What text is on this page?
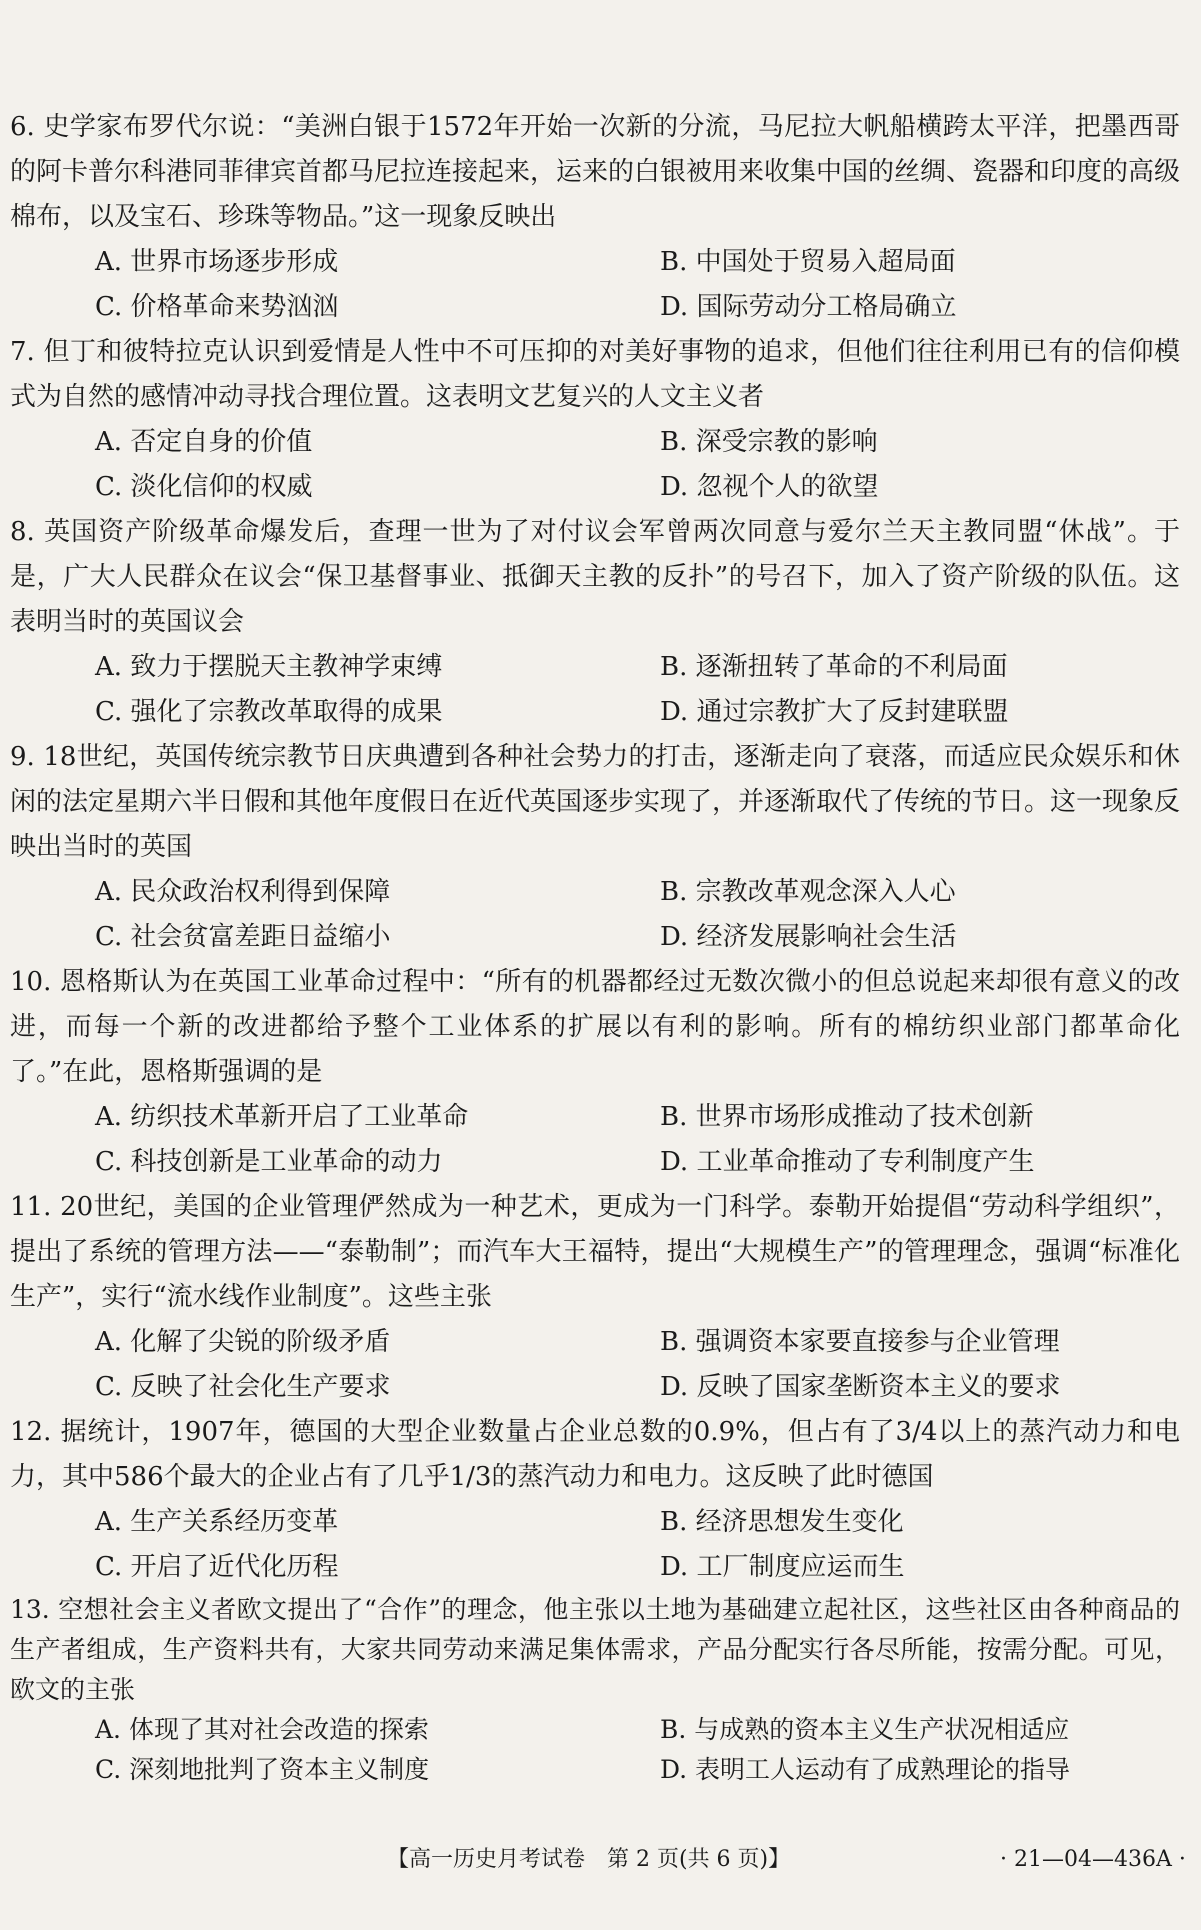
6. 史学家布罗代尔说：“美洲白银于1572年开始一次新的分流，马尼拉大帆船横跨太平洋，把墨西哥的阿卡普尔科港同菲律宾首都马尼拉连接起来，运来的白银被用来收集中国的丝绸、瓷器和印度的高级棉布，以及宝石、珍珠等物品。”这一现象反映出

A. 世界市场逐步形成	B. 中国处于贸易入超局面
C. 价格革命来势汹汹	D. 国际劳动分工格局确立

7. 但丁和彼特拉克认识到爱情是人性中不可压抑的对美好事物的追求，但他们往往利用已有的信仰模式为自然的感情冲动寻找合理位置。这表明文艺复兴的人文主义者

A. 否定自身的价值	B. 深受宗教的影响
C. 淡化信仰的权威	D. 忽视个人的欲望

8. 英国资产阶级革命爆发后，查理一世为了对付议会军曾两次同意与爱尔兰天主教同盟“休战”。于是，广大人民群众在议会“保卫基督事业、抵御天主教的反扑”的号召下，加入了资产阶级的队伍。这表明当时的英国议会

A. 致力于摆脱天主教神学束缚	B. 逐渐扭转了革命的不利局面
C. 强化了宗教改革取得的成果	D. 通过宗教扩大了反封建联盟

9. 18世纪，英国传统宗教节日庆典遭到各种社会势力的打击，逐渐走向了衰落，而适应民众娱乐和休闲的法定星期六半日假和其他年度假日在近代英国逐步实现了，并逐渐取代了传统的节日。这一现象反映出当时的英国

A. 民众政治权利得到保障	B. 宗教改革观念深入人心
C. 社会贫富差距日益缩小	D. 经济发展影响社会生活

10. 恩格斯认为在英国工业革命过程中：“所有的机器都经过无数次微小的但总说起来却很有意义的改进，而每一个新的改进都给予整个工业体系的扩展以有利的影响。所有的棉纺织业部门都革命化了。”在此，恩格斯强调的是

A. 纺织技术革新开启了工业革命	B. 世界市场形成推动了技术创新
C. 科技创新是工业革命的动力	D. 工业革命推动了专利制度产生

11. 20世纪，美国的企业管理俨然成为一种艺术，更成为一门科学。泰勒开始提倡“劳动科学组织”，提出了系统的管理方法——“泰勒制”；而汽车大王福特，提出“大规模生产”的管理理念，强调“标准化生产”，实行“流水线作业制度”。这些主张

A. 化解了尖锐的阶级矛盾	B. 强调资本家要直接参与企业管理
C. 反映了社会化生产要求	D. 反映了国家垄断资本主义的要求

12. 据统计，1907年，德国的大型企业数量占企业总数的0.9%，但占有了3/4以上的蒸汽动力和电力，其中586个最大的企业占有了几乎1/3的蒸汽动力和电力。这反映了此时德国

A. 生产关系经历变革	B. 经济思想发生变化
C. 开启了近代化历程	D. 工厂制度应运而生

13. 空想社会主义者欧文提出了“合作”的理念，他主张以土地为基础建立起社区，这些社区由各种商品的生产者组成，生产资料共有，大家共同劳动来满足集体需求，产品分配实行各尽所能，按需分配。可见，欧文的主张

A. 体现了其对社会改造的探索	B. 与成熟的资本主义生产状况相适应
C. 深刻地批判了资本主义制度	D. 表明工人运动有了成熟理论的指导
【高一历史月考试卷　第 2 页(共 6 页)】	· 21—04—436A ·
